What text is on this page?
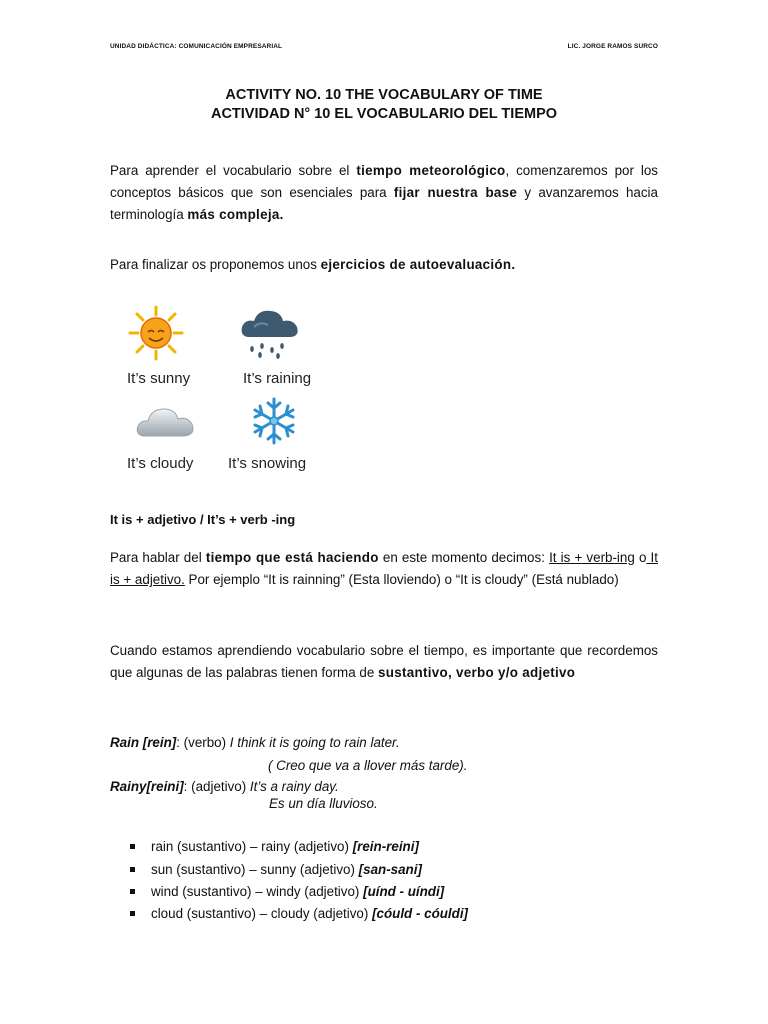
UNIDAD DIDÁCTICA: COMUNICACIÓN EMPRESARIAL	LIC. JORGE RAMOS SURCO
ACTIVITY NO. 10 THE VOCABULARY OF TIME
ACTIVIDAD N° 10 EL VOCABULARIO DEL TIEMPO
Para aprender el vocabulario sobre el tiempo meteorológico, comenzaremos por los conceptos básicos que son esenciales para fijar nuestra base y avanzaremos hacia terminología más compleja.
Para finalizar os proponemos unos ejercicios de autoevaluación.
It’s sunny	It’s raining
It’s cloudy It’s snowing
It is + adjetivo / It’s + verb -ing
Para hablar del tiempo que está haciendo en este momento decimos: It is + verb-ing o It is + adjetivo. Por ejemplo “It is rainning” (Esta lloviendo) o “It is cloudy” (Está nublado)
Cuando estamos aprendiendo vocabulario sobre el tiempo, es importante que recordemos que algunas de las palabras tienen forma de sustantivo, verbo y/o adjetivo
Rain [rein]: (verbo) I think it is going to rain later.
( Creo que va a llover más tarde).
Rainy[reini]: (adjetivo) It’s a rainy day.
Es un día lluvioso.
rain (sustantivo) – rainy (adjetivo) [rein-reini]
sun (sustantivo) – sunny (adjetivo) [san-sani]
wind (sustantivo) – windy (adjetivo) [uínd - uíndi]
cloud (sustantivo) – cloudy (adjetivo) [cóuld - cóuldi]
